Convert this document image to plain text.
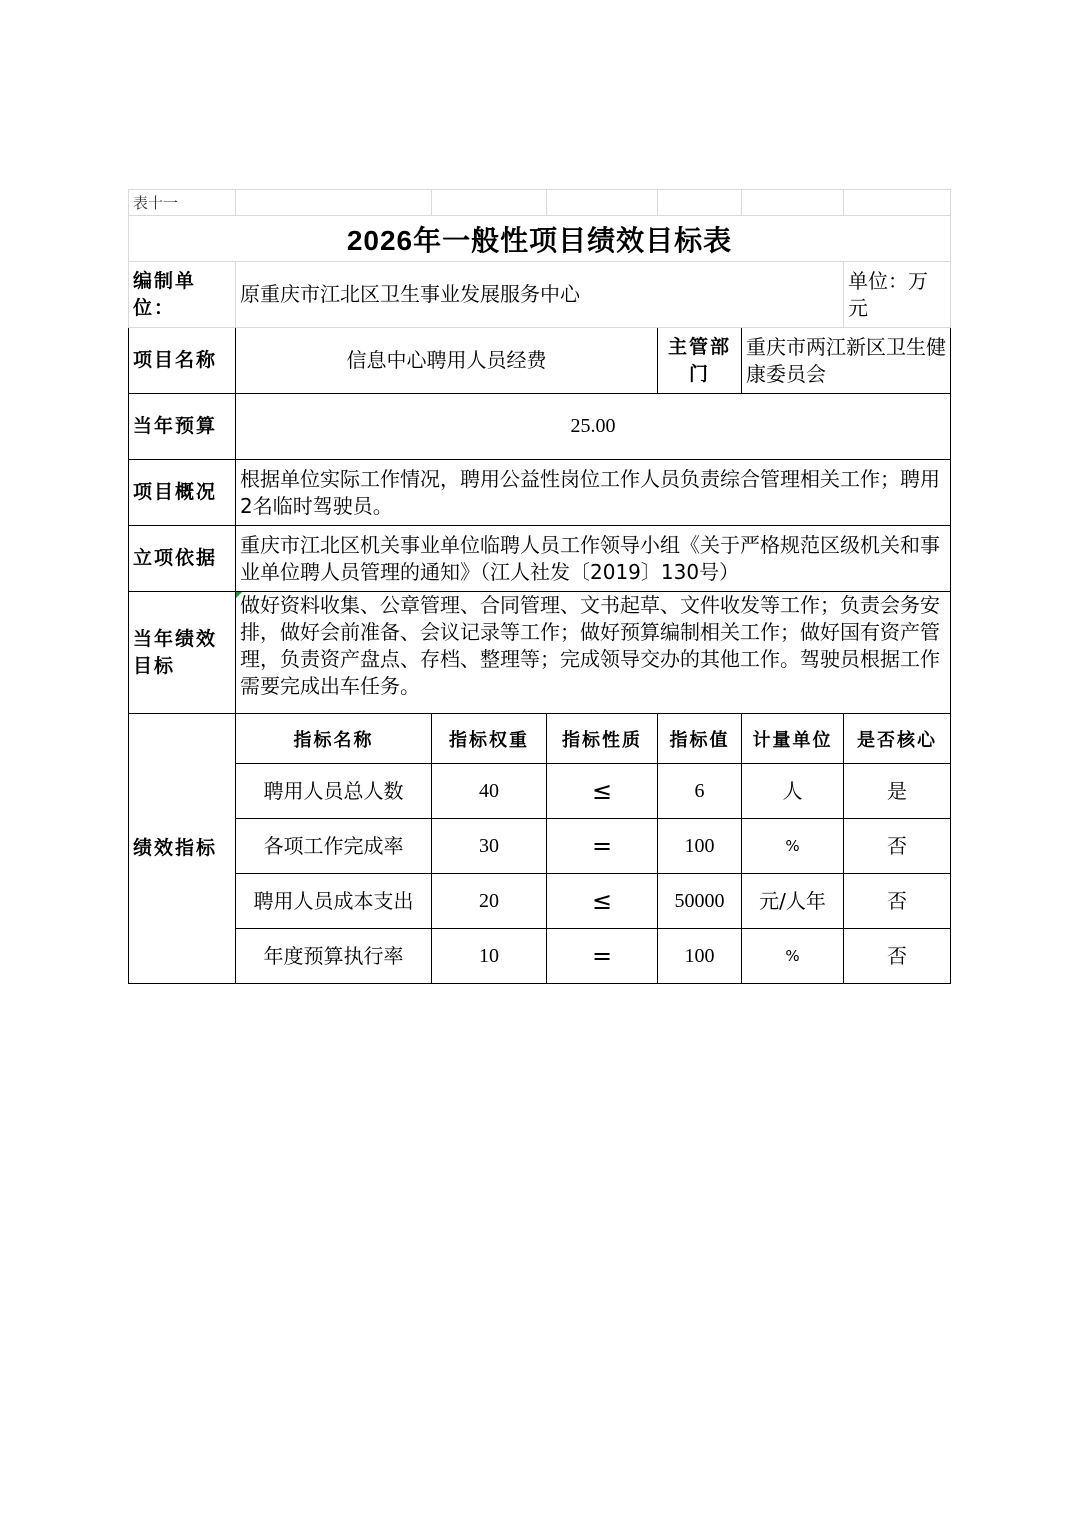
表十一						
2026年一般性项目绩效目标表						
编制单位：	原重庆市江北区卫生事业发展服务中心					单位：万元
项目名称	信息中心聘用人员经费			主管部门	重庆市两江新区卫生健康委员会	
当年预算	25.00					
项目概况	根据单位实际工作情况，聘用公益性岗位工作人员负责综合管理相关工作；聘用2名临时驾驶员。					
立项依据	重庆市江北区机关事业单位临聘人员工作领导小组《关于严格规范区级机关和事业单位聘人员管理的通知》（江人社发〔2019〕130号）					
当年绩效目标	做好资料收集、公章管理、合同管理、文书起草、文件收发等工作；负责会务安排，做好会前准备、会议记录等工作；做好预算编制相关工作；做好国有资产管理，负责资产盘点、存档、整理等；完成领导交办的其他工作。驾驶员根据工作需要完成出车任务。					
绩效指标	指标名称	指标权重	指标性质	指标值	计量单位	是否核心
	聘用人员总人数	40	≤	6	人	是
	各项工作完成率	30	=	100	%	否
	聘用人员成本支出	20	≤	50000	元/人年	否
	年度预算执行率	10	=	100	%	否
